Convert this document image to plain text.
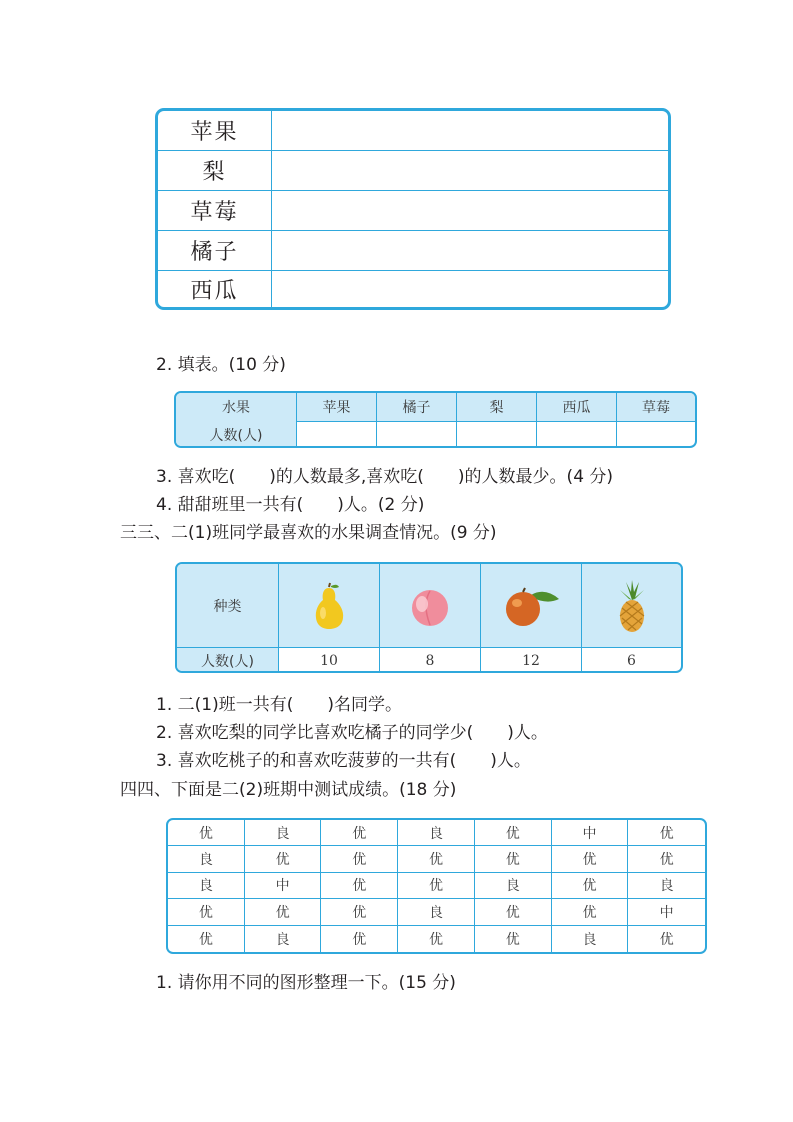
苹果
梨
草莓
橘子
西瓜
2. 填表。(10 分)
水果	苹果	橘子	梨	西瓜	草莓
人数(人)
3. 喜欢吃(　　)的人数最多,喜欢吃(　　)的人数最少。(4 分)
4. 甜甜班里一共有(　　)人。(2 分)
三三、二(1)班同学最喜欢的水果调查情况。(9 分)
种类
人数(人)	10	8	12	6
1. 二(1)班一共有(　　)名同学。
2. 喜欢吃梨的同学比喜欢吃橘子的同学少(　　)人。
3. 喜欢吃桃子的和喜欢吃菠萝的一共有(　　)人。
四四、下面是二(2)班期中测试成绩。(18 分)
优	良	优	良	优	中	优
良	优	优	优	优	优	优
良	中	优	优	良	优	良
优	优	优	良	优	优	中
优	良	优	优	优	良	优
1. 请你用不同的图形整理一下。(15 分)
